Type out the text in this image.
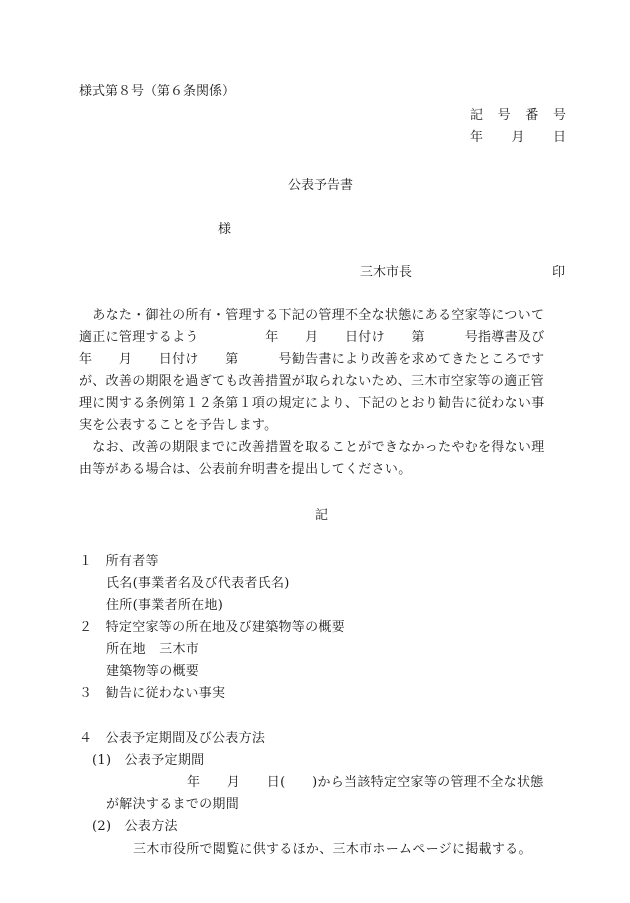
様式第８号（第６条関係）
記 号 番 号
年 月 日
公表予告書
様
三木市長	印
　あなた・御社の所有・管理する下記の管理不全な状態にある空家等について
適正に管理するよう　　　　　年　　月　　日付け　　第　　　号指導書及び
年　　月　　日付け　　第　　　号勧告書により改善を求めてきたところです
が、改善の期限を過ぎても改善措置が取られないため、三木市空家等の適正管
理に関する条例第１２条第１項の規定により、下記のとおり勧告に従わない事
実を公表することを予告します。
　なお、改善の期限までに改善措置を取ることができなかったやむを得ない理
由等がある場合は、公表前弁明書を提出してください。
記
１　所有者等
氏名(事業者名及び代表者氏名)
住所(事業者所在地)
２　特定空家等の所在地及び建築物等の概要
所在地　三木市
建築物等の概要
３　勧告に従わない事実
４　公表予定期間及び公表方法
(1)　公表予定期間
年　　月　　日(　　)から当該特定空家等の管理不全な状態
が解決するまでの期間
(2)　公表方法
三木市役所で閲覧に供するほか、三木市ホームページに掲載する。
